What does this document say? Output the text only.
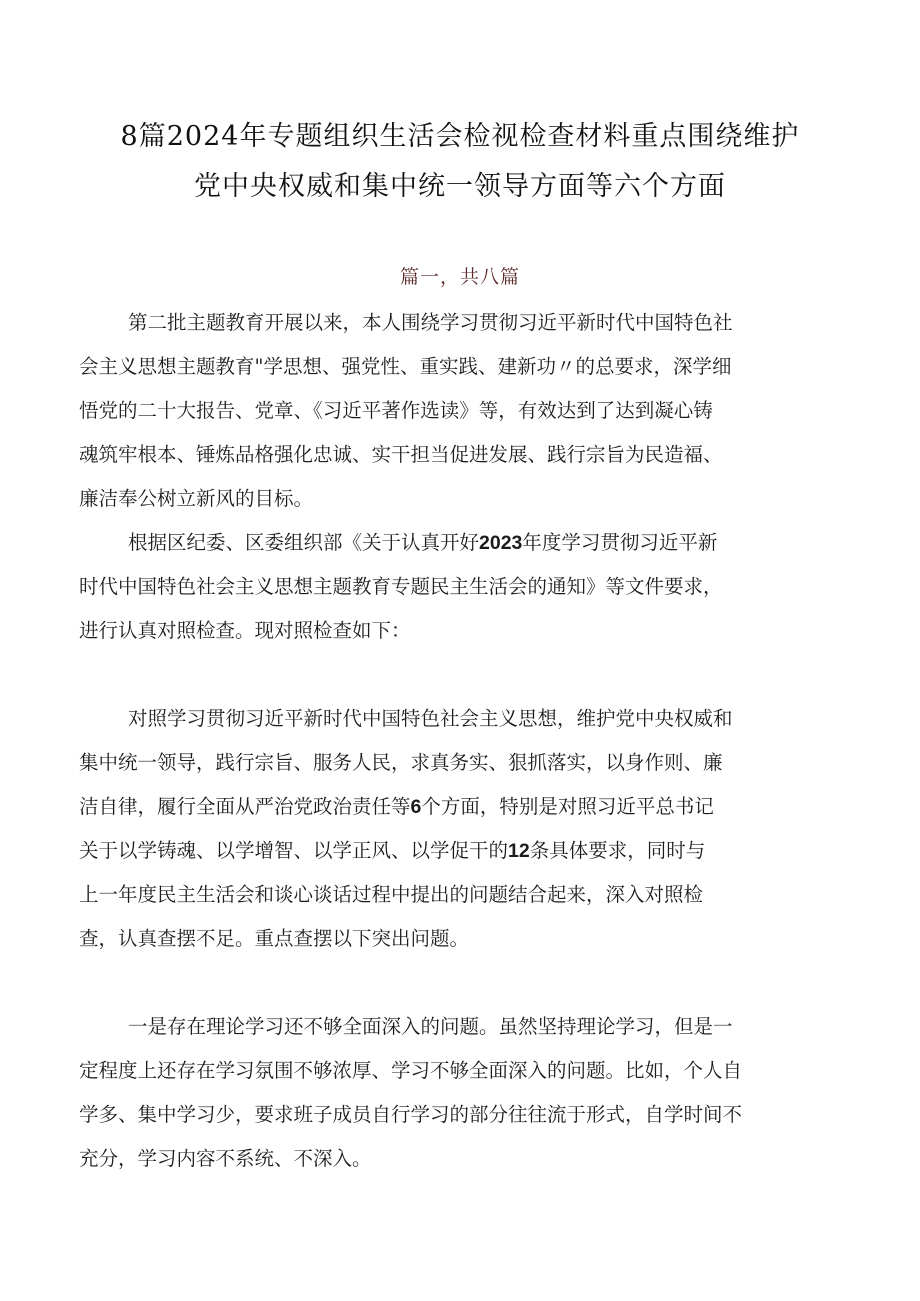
8篇2024年专题组织生活会检视检查材料重点围绕维护
党中央权威和集中统一领导方面等六个方面
篇一，共八篇
第二批主题教育开展以来，本人围绕学习贯彻习近平新时代中国特色社
会主义思想主题教育"学思想、强党性、重实践、建新功〃的总要求，深学细
悟党的二十大报告、党章、《习近平著作选读》等，有效达到了达到凝心铸
魂筑牢根本、锤炼品格强化忠诚、实干担当促进发展、践行宗旨为民造福、
廉洁奉公树立新风的目标。
根据区纪委、区委组织部《关于认真开好2023年度学习贯彻习近平新
时代中国特色社会主义思想主题教育专题民主生活会的通知》等文件要求，
进行认真对照检查。现对照检查如下：
对照学习贯彻习近平新时代中国特色社会主义思想，维护党中央权威和
集中统一领导，践行宗旨、服务人民，求真务实、狠抓落实，以身作则、廉
洁自律，履行全面从严治党政治责任等6个方面，特别是对照习近平总书记
关于以学铸魂、以学增智、以学正风、以学促干的12条具体要求，同时与
上一年度民主生活会和谈心谈话过程中提出的问题结合起来，深入对照检
查，认真查摆不足。重点查摆以下突出问题。
一是存在理论学习还不够全面深入的问题。虽然坚持理论学习，但是一
定程度上还存在学习氛围不够浓厚、学习不够全面深入的问题。比如，个人自
学多、集中学习少，要求班子成员自行学习的部分往往流于形式，自学时间不
充分，学习内容不系统、不深入。
